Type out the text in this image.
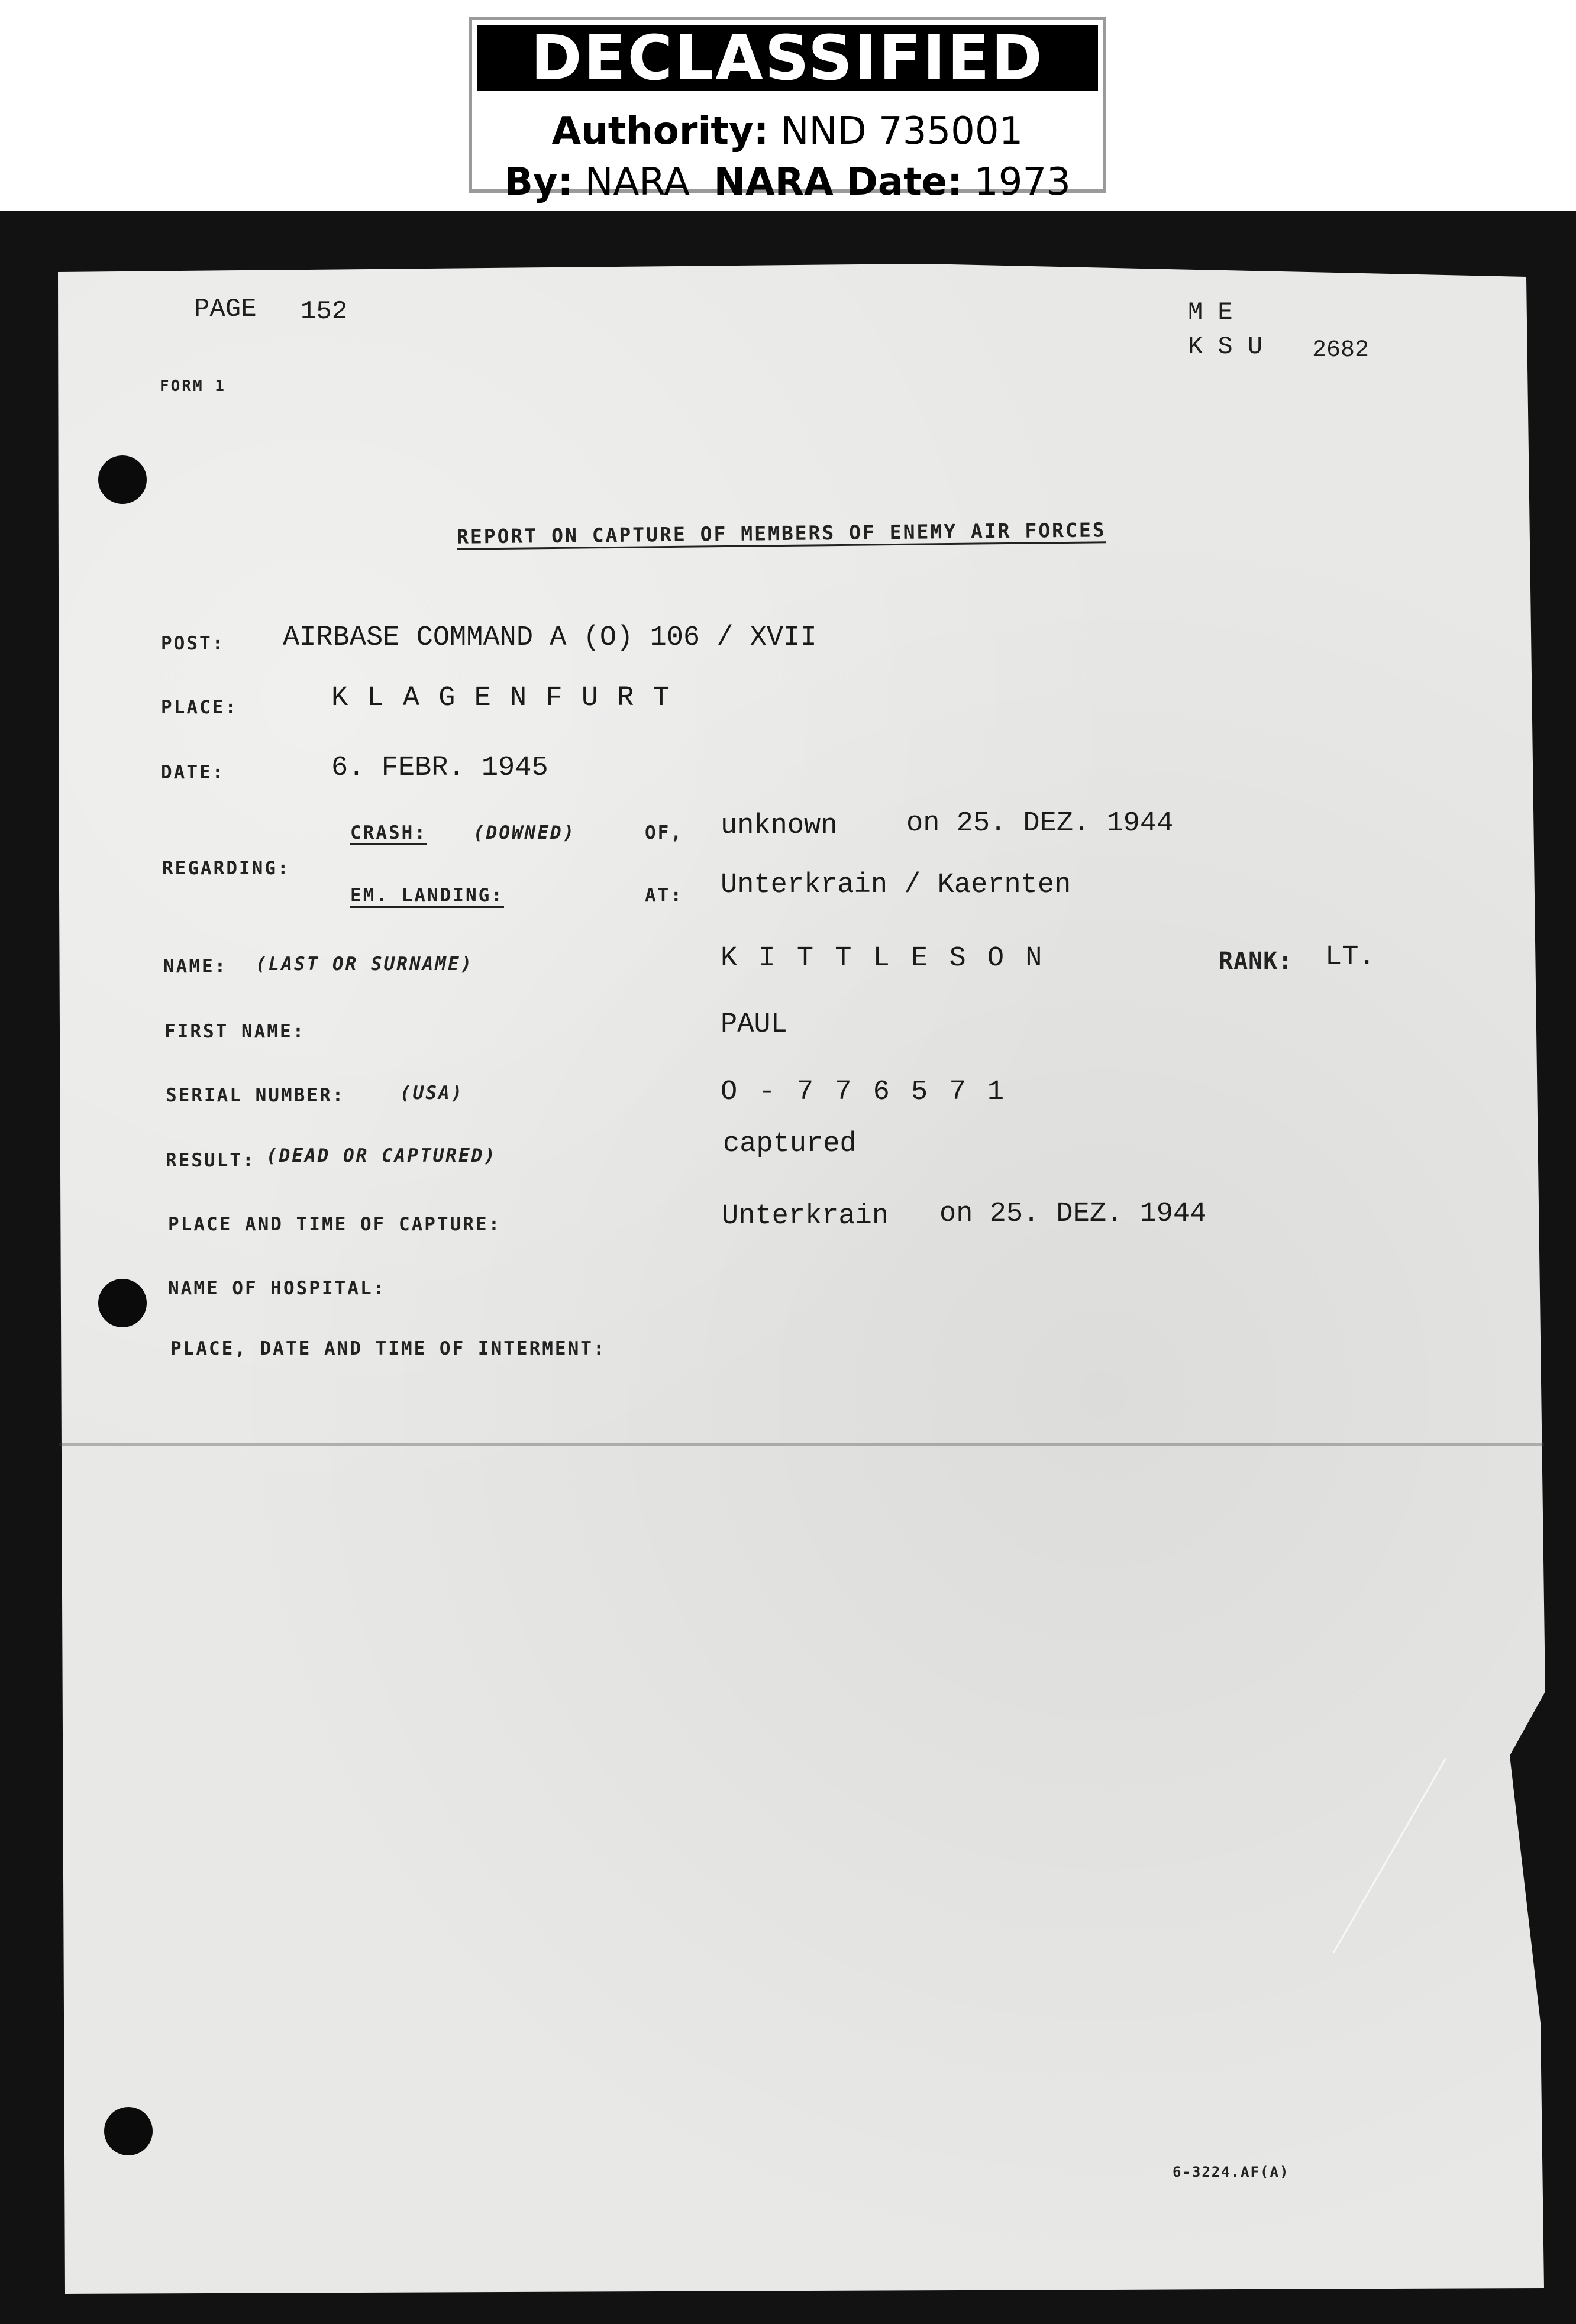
DECLASSIFIED
Authority: NND 735001
By: NARA NARA Date: 1973
PAGE 152
FORM 1
M E
K S U 2682
REPORT ON CAPTURE OF MEMBERS OF ENEMY AIR FORCES
POST: AIRBASE COMMAND A (O) 106 / XVII
PLACE:	K L A G E N F U R T
DATE:	6. FEBR. 1945
CRASH:	(DOWNED)	OF, unknown on 25. DEZ. 1944
REGARDING:
EM. LANDING:	AT: Unterkrain / Kaernten
NAME: (LAST OR SURNAME)	K I T T L E S O N	RANK: LT.
FIRST NAME:	PAUL
SERIAL NUMBER:	(USA)	O - 7 7 6 5 7 1
RESULT: (DEAD OR CAPTURED)	captured
PLACE AND TIME OF CAPTURE:	Unterkrain on 25. DEZ. 1944
NAME OF HOSPITAL:
PLACE, DATE AND TIME OF INTERMENT:
6-3224.AF(A)
